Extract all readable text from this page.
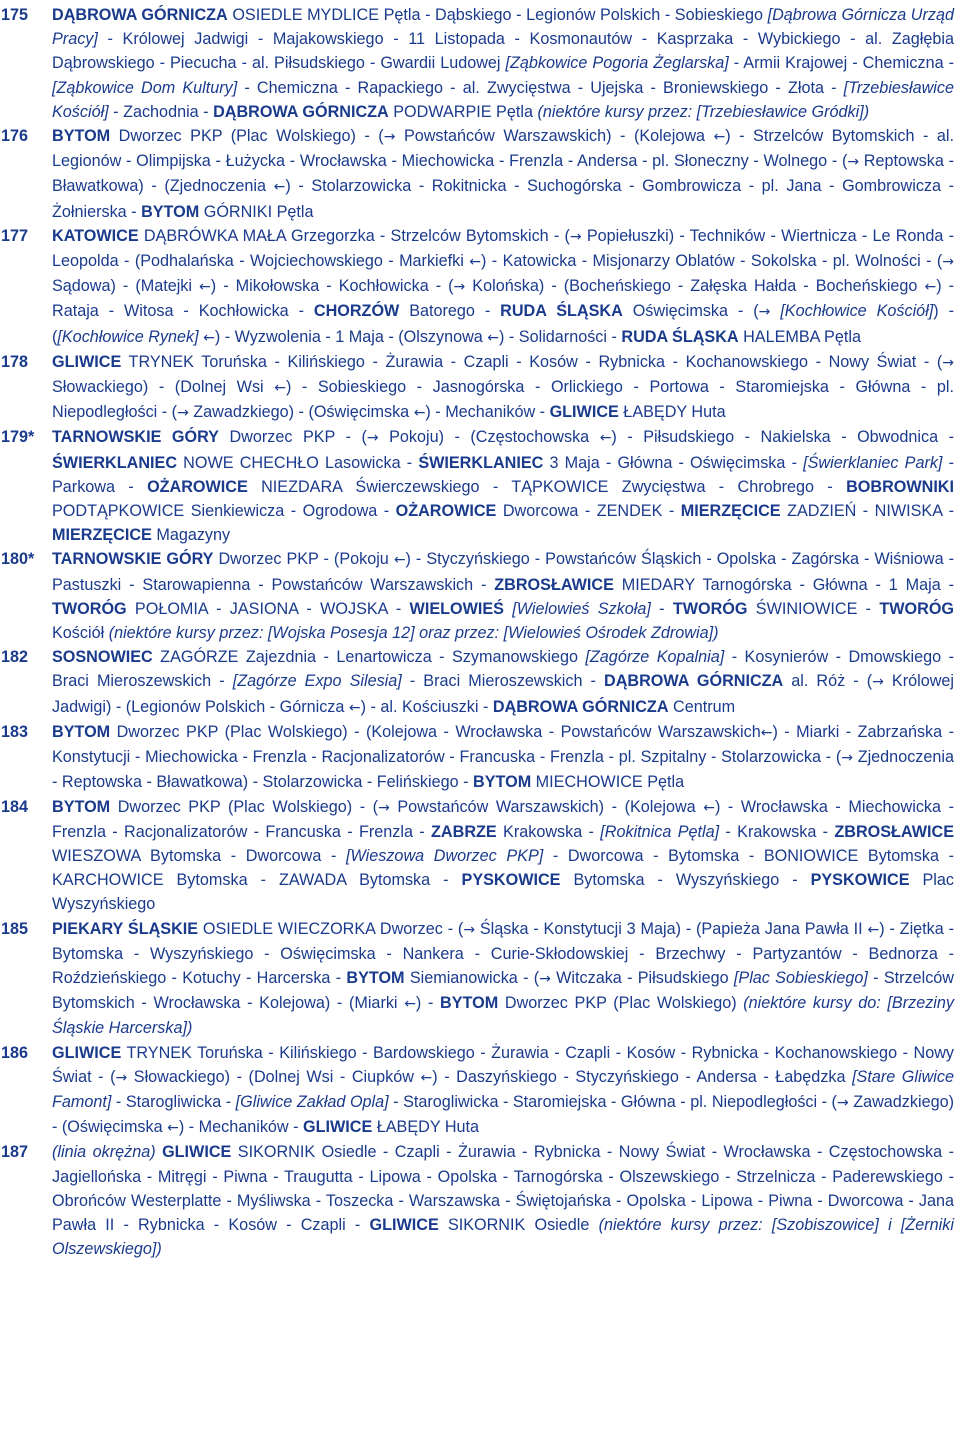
175	DĄBROWA GÓRNICZA OSIEDLE MYDLICE Pętla - Dąbskiego - Legionów Polskich - Sobieskiego [Dąbrowa Górnicza Urząd Pracy] - Królowej Jadwigi - Majakowskiego - 11 Listopada - Kosmonautów - Kasprzaka - Wybickiego - al. Zagłębia Dąbrowskiego - Piecucha - al. Piłsudskiego - Gwardii Ludowej [Ząbkowice Pogoria Żeglarska] - Armii Krajowej - Chemiczna - [Ząbkowice Dom Kultury] - Chemiczna - Rapackiego - al. Zwycięstwa - Ujejska - Broniewskiego - Złota - [Trzebiesławice Kościół] - Zachodnia - DĄBROWA GÓRNICZA PODWARPIE Pętla (niektóre kursy przez: [Trzebiesławice Gródki])
176	BYTOM Dworzec PKP (Plac Wolskiego) - (→ Powstańców Warszawskich) - (Kolejowa ←) - Strzelców Bytomskich - al. Legionów - Olimpijska - Łużycka - Wrocławska - Miechowicka - Frenzla - Andersa - pl. Słoneczny - Wolnego - (→ Reptowska - Bławatkowa) - (Zjednoczenia ←) - Stolarzowicka - Rokitnicka - Suchogórska - Gombrowicza - pl. Jana - Gombrowicza - Żołnierska - BYTOM GÓRNIKI Pętla
177	KATOWICE DĄBRÓWKA MAŁA Grzegorzka - Strzelców Bytomskich - (→ Popiełuszki) - Techników - Wiertnicza - Le Ronda - Leopolda - (Podhalańska - Wojciechowskiego - Markiefki ←) - Katowicka - Misjonarzy Oblatów - Sokolska - pl. Wolności - (→ Sądowa) - (Matejki ←) - Mikołowska - Kochłowicka - (→ Kolońska) - (Bocheńskiego - Załęska Hałda - Bocheńskiego ←) - Rataja - Witosa - Kochłowicka - CHORZÓW Batorego - RUDA ŚLĄSKA Oświęcimska - (→ [Kochłowice Kościół]) - ([Kochłowice Rynek] ←) - Wyzwolenia - 1 Maja - (Olszynowa ←) - Solidarności - RUDA ŚLĄSKA HALEMBA Pętla
178	GLIWICE TRYNEK Toruńska - Kilińskiego - Żurawia - Czapli - Kosów - Rybnicka - Kochanowskiego - Nowy Świat - (→ Słowackiego) - (Dolnej Wsi ←) - Sobieskiego - Jasnogórska - Orlickiego - Portowa - Staromiejska - Główna - pl. Niepodległości - (→ Zawadzkiego) - (Oświęcimska ←) - Mechaników - GLIWICE ŁABĘDY Huta
179*	TARNOWSKIE GÓRY Dworzec PKP - (→ Pokoju) - (Częstochowska ←) - Piłsudskiego - Nakielska - Obwodnica - ŚWIERKLANIEC NOWE CHECHŁO Lasowicka - ŚWIERKLANIEC 3 Maja - Główna - Oświęcimska - [Świerklaniec Park] - Parkowa - OŻAROWICE NIEZDARA Świerczewskiego - TĄPKOWICE Zwycięstwa - Chrobrego - BOBROWNIKI PODTĄPKOWICE Sienkiewicza - Ogrodowa - OŻAROWICE Dworcowa - ZENDEK - MIERZĘCICE ZADZIEŃ - NIWISKA - MIERZĘCICE Magazyny
180*	TARNOWSKIE GÓRY Dworzec PKP - (Pokoju ←) - Styczyńskiego - Powstańców Śląskich - Opolska - Zagórska - Wiśniowa - Pastuszki - Starowapienna - Powstańców Warszawskich - ZBROSŁAWICE MIEDARY Tarnogórska - Główna - 1 Maja - TWORÓG POŁOMIA - JASIONA - WOJSKA - WIELOWIEŚ [Wielowieś Szkoła] - TWORÓG ŚWINIOWICE - TWORÓG Kościół (niektóre kursy przez: [Wojska Posesja 12] oraz przez: [Wielowieś Ośrodek Zdrowia])
182	SOSNOWIEC ZAGÓRZE Zajezdnia - Lenartowicza - Szymanowskiego [Zagórze Kopalnia] - Kosynierów - Dmowskiego - Braci Mieroszewskich - [Zagórze Expo Silesia] - Braci Mieroszewskich - DĄBROWA GÓRNICZA al. Róż - (→ Królowej Jadwigi) - (Legionów Polskich - Górnicza ←) - al. Kościuszki - DĄBROWA GÓRNICZA Centrum
183	BYTOM Dworzec PKP (Plac Wolskiego) - (Kolejowa - Wrocławska - Powstańców Warszawskich←) - Miarki - Zabrzańska - Konstytucji - Miechowicka - Frenzla - Racjonalizatorów - Francuska - Frenzla - pl. Szpitalny - Stolarzowicka - (→ Zjednoczenia - Reptowska - Bławatkowa) - Stolarzowicka - Felińskiego - BYTOM MIECHOWICE Pętla
184	BYTOM Dworzec PKP (Plac Wolskiego) - (→ Powstańców Warszawskich) - (Kolejowa ←) - Wrocławska - Miechowicka - Frenzla - Racjonalizatorów - Francuska - Frenzla - ZABRZE Krakowska - [Rokitnica Pętla] - Krakowska - ZBROSŁAWICE WIESZOWA Bytomska - Dworcowa - [Wieszowa Dworzec PKP] - Dworcowa - Bytomska - BONIOWICE Bytomska - KARCHOWICE Bytomska - ZAWADA Bytomska - PYSKOWICE Bytomska - Wyszyńskiego - PYSKOWICE Plac Wyszyńskiego
185	PIEKARY ŚLĄSKIE OSIEDLE WIECZORKA Dworzec - (→ Śląska - Konstytucji 3 Maja) - (Papieża Jana Pawła II ←) - Ziętka - Bytomska - Wyszyńskiego - Oświęcimska - Nankera - Curie-Skłodowskiej - Brzechwy - Partyzantów - Bednorza - Roździeńskiego - Kotuchy - Harcerska - BYTOM Siemianowicka - (→ Witczaka - Piłsudskiego [Plac Sobieskiego] - Strzelców Bytomskich - Wrocławska - Kolejowa) - (Miarki ←) - BYTOM Dworzec PKP (Plac Wolskiego) (niektóre kursy do: [Brzeziny Śląskie Harcerska])
186	GLIWICE TRYNEK Toruńska - Kilińskiego - Bardowskiego - Żurawia - Czapli - Kosów - Rybnicka - Kochanowskiego - Nowy Świat - (→ Słowackiego) - (Dolnej Wsi - Ciupków ←) - Daszyńskiego - Styczyńskiego - Andersa - Łabędzka [Stare Gliwice Famont] - Starogliwicka - [Gliwice Zakład Opla] - Starogliwicka - Staromiejska - Główna - pl. Niepodległości - (→ Zawadzkiego) - (Oświęcimska ←) - Mechaników - GLIWICE ŁABĘDY Huta
187	(linia okrężna) GLIWICE SIKORNIK Osiedle - Czapli - Żurawia - Rybnicka - Nowy Świat - Wrocławska - Częstochowska - Jagiellońska - Mitręgi - Piwna - Traugutta - Lipowa - Opolska - Tarnogórska - Olszewskiego - Strzelnicza - Paderewskiego - Obrońców Westerplatte - Myśliwska - Toszecka - Warszawska - Świętojańska - Opolska - Lipowa - Piwna - Dworcowa - Jana Pawła II - Rybnicka - Kosów - Czapli - GLIWICE SIKORNIK Osiedle (niektóre kursy przez: [Szobiszowice] i [Żerniki Olszewskiego])
